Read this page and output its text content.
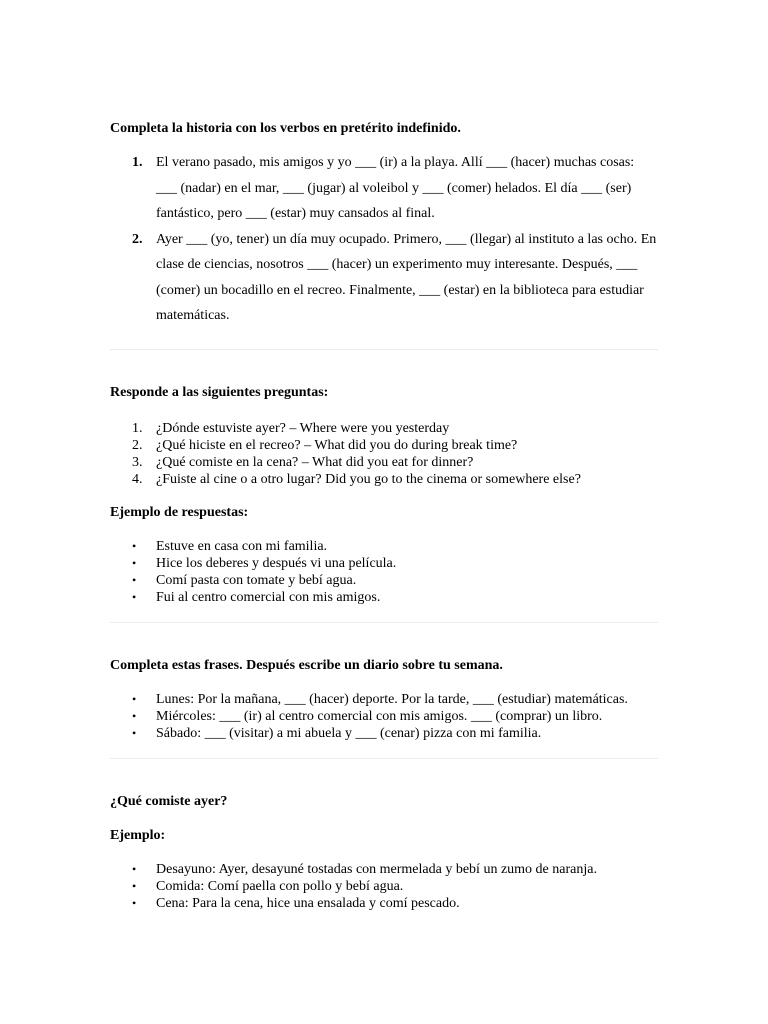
Completa la historia con los verbos en pretérito indefinido.

1. El verano pasado, mis amigos y yo ___ (ir) a la playa. Allí ___ (hacer) muchas cosas: ___ (nadar) en el mar, ___ (jugar) al voleibol y ___ (comer) helados. El día ___ (ser) fantástico, pero ___ (estar) muy cansados al final.
2. Ayer ___ (yo, tener) un día muy ocupado. Primero, ___ (llegar) al instituto a las ocho. En clase de ciencias, nosotros ___ (hacer) un experimento muy interesante. Después, ___ (comer) un bocadillo en el recreo. Finalmente, ___ (estar) en la biblioteca para estudiar matemáticas.

Responde a las siguientes preguntas:

1. ¿Dónde estuviste ayer? – Where were you yesterday
2. ¿Qué hiciste en el recreo? – What did you do during break time?
3. ¿Qué comiste en la cena? – What did you eat for dinner?
4. ¿Fuiste al cine o a otro lugar? Did you go to the cinema or somewhere else?

Ejemplo de respuestas:

• Estuve en casa con mi familia.
• Hice los deberes y después vi una película.
• Comí pasta con tomate y bebí agua.
• Fui al centro comercial con mis amigos.

Completa estas frases. Después escribe un diario sobre tu semana.

• Lunes: Por la mañana, ___ (hacer) deporte. Por la tarde, ___ (estudiar) matemáticas.
• Miércoles: ___ (ir) al centro comercial con mis amigos. ___ (comprar) un libro.
• Sábado: ___ (visitar) a mi abuela y ___ (cenar) pizza con mi familia.

¿Qué comiste ayer?

Ejemplo:

• Desayuno: Ayer, desayuné tostadas con mermelada y bebí un zumo de naranja.
• Comida: Comí paella con pollo y bebí agua.
• Cena: Para la cena, hice una ensalada y comí pescado.
